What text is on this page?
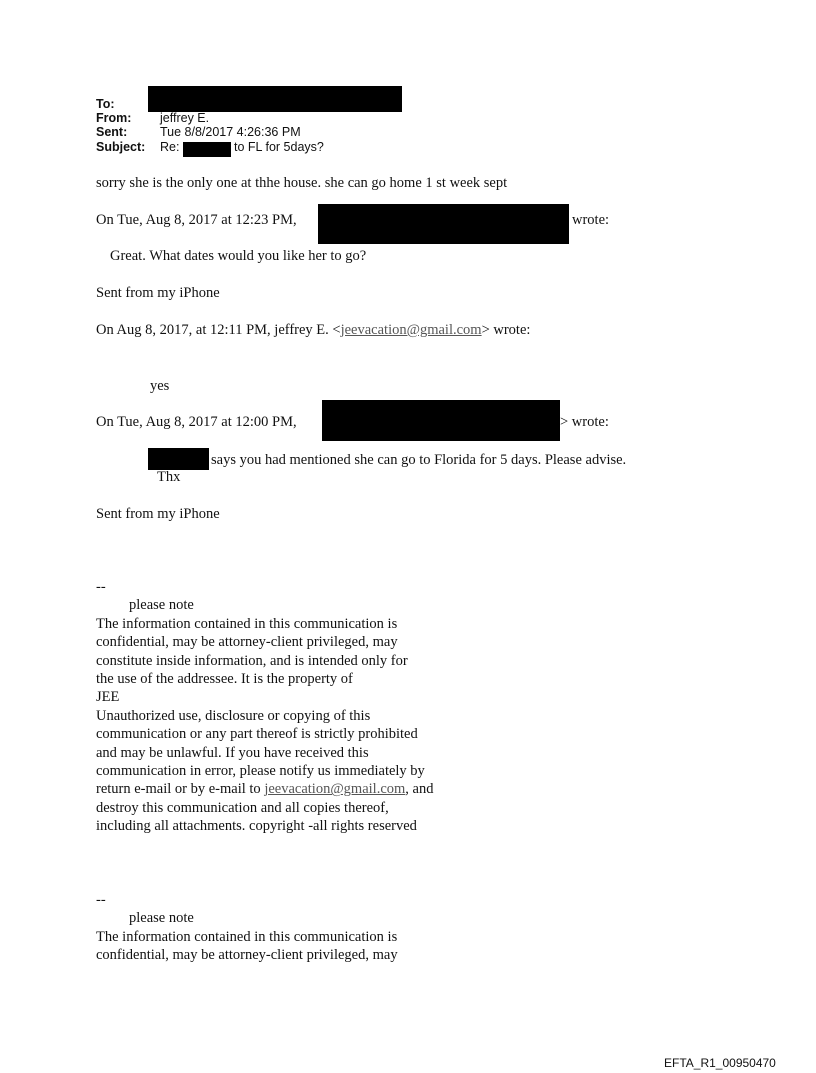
To:
From: jeffrey E.
Sent:	Tue 8/8/2017 4:26:36 PM
Subject: Re:	to FL for 5days?
sorry she is the only one at thhe house. she can go home 1 st week sept
On Tue, Aug 8, 2017 at 12:23 PM,	wrote:
Great. What dates would you like her to go?
Sent from my iPhone
On Aug 8, 2017, at 12:11 PM, jeffrey E. <jeevacation@gmail.com> wrote:
yes
On Tue, Aug 8, 2017 at 12:00 PM,	> wrote:
says you had mentioned she can go to Florida for 5 days. Please advise.
Thx
Sent from my iPhone
--
please note
The information contained in this communication is
confidential, may be attorney-client privileged, may
constitute inside information, and is intended only for
the use of the addressee. It is the property of
JEE
Unauthorized use, disclosure or copying of this
communication or any part thereof is strictly prohibited
and may be unlawful. If you have received this
communication in error, please notify us immediately by
return e-mail or by e-mail to jeevacation@gmail.com, and
destroy this communication and all copies thereof,
including all attachments. copyright -all rights reserved
--
please note
The information contained in this communication is
confidential, may be attorney-client privileged, may
EFTA_R1_00950470
